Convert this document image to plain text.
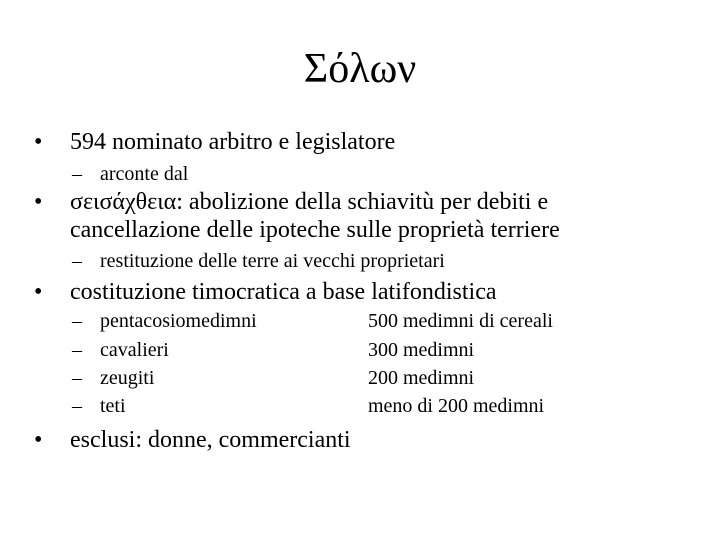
Σόλων
•	594 nominato arbitro e legislatore
– arconte dal
•	σεισάχθεια: abolizione della schiavitù per debiti e cancellazione delle ipoteche sulle proprietà terriere
– restituzione delle terre ai vecchi proprietari
•	costituzione timocratica a base latifondistica
– pentacosiomedimni	500 medimni di cereali
– cavalieri	300 medimni
– zeugiti	200 medimni
– teti	meno di 200 medimni
•	esclusi: donne, commercianti
